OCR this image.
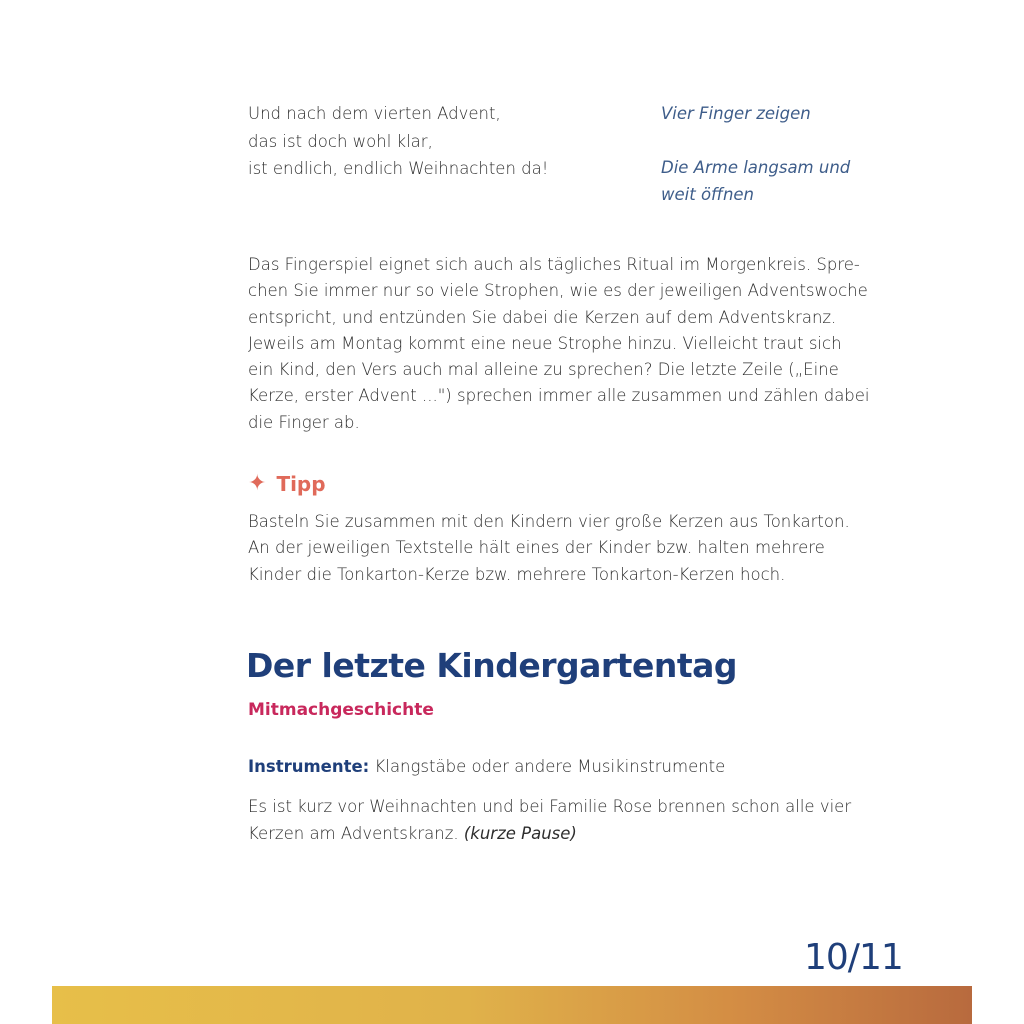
Und nach dem vierten Advent,
das ist doch wohl klar,
ist endlich, endlich Weihnachten da!
Vier Finger zeigen
Die Arme langsam und
weit öffnen
Das Fingerspiel eignet sich auch als tägliches Ritual im Morgenkreis. Spre-
chen Sie immer nur so viele Strophen, wie es der jeweiligen Adventswoche
entspricht, und entzünden Sie dabei die Kerzen auf dem Adventskranz.
Jeweils am Montag kommt eine neue Strophe hinzu. Vielleicht traut sich
ein Kind, den Vers auch mal alleine zu sprechen? Die letzte Zeile („Eine
Kerze, erster Advent ...") sprechen immer alle zusammen und zählen dabei
die Finger ab.
✦ Tipp
Basteln Sie zusammen mit den Kindern vier große Kerzen aus Tonkarton.
An der jeweiligen Textstelle hält eines der Kinder bzw. halten mehrere
Kinder die Tonkarton-Kerze bzw. mehrere Tonkarton-Kerzen hoch.
Der letzte Kindergartentag
Mitmachgeschichte
Instrumente: Klangstäbe oder andere Musikinstrumente
Es ist kurz vor Weihnachten und bei Familie Rose brennen schon alle vier
Kerzen am Adventskranz. (kurze Pause)
10/11
